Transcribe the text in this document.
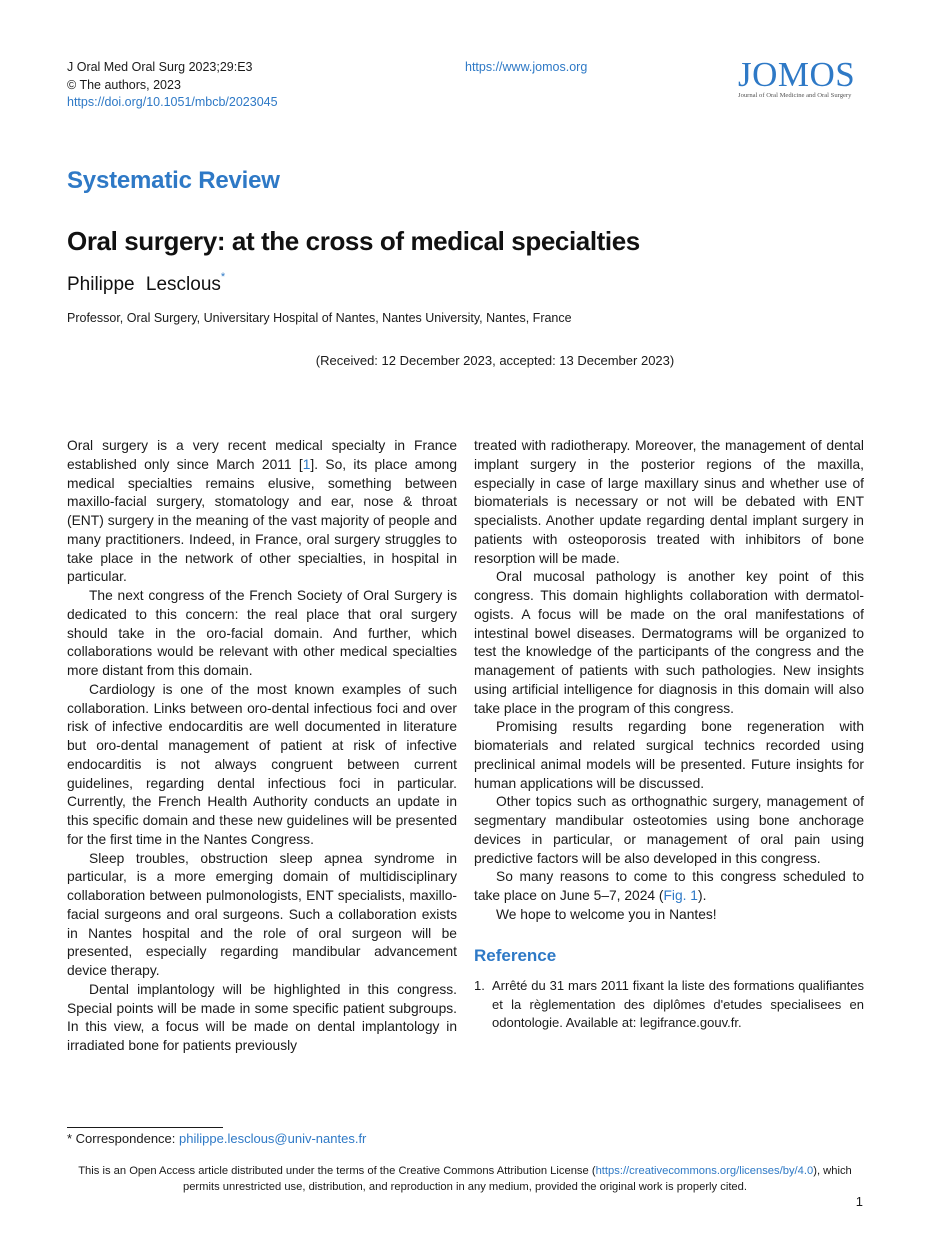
J Oral Med Oral Surg 2023;29:E3
© The authors, 2023
https://doi.org/10.1051/mbcb/2023045
https://www.jomos.org	JOMOS
Journal of Oral Medicine and Oral Surgery
Systematic Review
Oral surgery: at the cross of medical specialties
Philippe Lesclous*
Professor, Oral Surgery, Universitary Hospital of Nantes, Nantes University, Nantes, France
(Received: 12 December 2023, accepted: 13 December 2023)

Oral surgery is a very recent medical specialty in France established only since March 2011 [1]. So, its place among medical specialties remains elusive, something between maxillo-facial surgery, stomatology and ear, nose & throat (ENT) surgery in the meaning of the vast majority of people and many practitioners. Indeed, in France, oral surgery struggles to take place in the network of other specialties, in hospital in particular.

The next congress of the French Society of Oral Surgery is dedicated to this concern: the real place that oral surgery should take in the oro-facial domain. And further, which collaborations would be relevant with other medical specialties more distant from this domain.

Cardiology is one of the most known examples of such collaboration. Links between oro-dental infectious foci and over risk of infective endocarditis are well documented in literature but oro-dental management of patient at risk of infective endocarditis is not always congruent between current guidelines, regarding dental infectious foci in particular. Currently, the French Health Authority conducts an update in this specific domain and these new guidelines will be presented for the first time in the Nantes Congress.

Sleep troubles, obstruction sleep apnea syndrome in particular, is a more emerging domain of multidisciplinary collaboration between pulmonologists, ENT specialists, maxillo-facial surgeons and oral surgeons. Such a collaboration exists in Nantes hospital and the role of oral surgeon will be presented, especially regarding mandibular advancement device therapy.

Dental implantology will be highlighted in this congress. Special points will be made in some specific patient subgroups. In this view, a focus will be made on dental implantology in irradiated bone for patients previously

treated with radiotherapy. Moreover, the management of dental implant surgery in the posterior regions of the maxilla, especially in case of large maxillary sinus and whether use of biomaterials is necessary or not will be debated with ENT specialists. Another update regarding dental implant surgery in patients with osteoporosis treated with inhibitors of bone resorption will be made.

Oral mucosal pathology is another key point of this congress. This domain highlights collaboration with dermatol-ogists. A focus will be made on the oral manifestations of intestinal bowel diseases. Dermatograms will be organized to test the knowledge of the participants of the congress and the management of patients with such pathologies. New insights using artificial intelligence for diagnosis in this domain will also take place in the program of this congress.

Promising results regarding bone regeneration with biomaterials and related surgical technics recorded using preclinical animal models will be presented. Future insights for human applications will be discussed.

Other topics such as orthognathic surgery, management of segmentary mandibular osteotomies using bone anchorage devices in particular, or management of oral pain using predictive factors will be also developed in this congress.

So many reasons to come to this congress scheduled to take place on June 5–7, 2024 (Fig. 1).

We hope to welcome you in Nantes!

Reference
1. Arrêté du 31 mars 2011 fixant la liste des formations qualifiantes et la règlementation des diplômes d'etudes specialisees en odontologie. Available at: legifrance.gouv.fr.
* Correspondence: philippe.lesclous@univ-nantes.fr
This is an Open Access article distributed under the terms of the Creative Commons Attribution License (https://creativecommons.org/licenses/by/4.0), which permits unrestricted use, distribution, and reproduction in any medium, provided the original work is properly cited.
1
